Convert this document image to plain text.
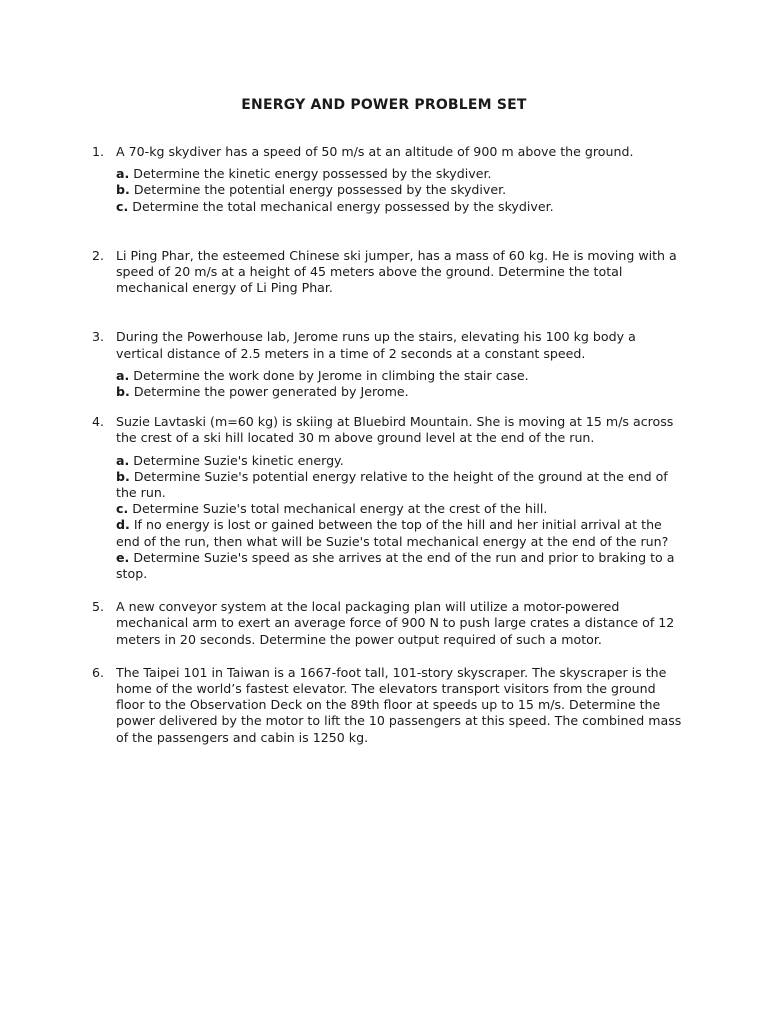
ENERGY AND POWER PROBLEM SET
1. A 70-kg skydiver has a speed of 50 m/s at an altitude of 900 m above the ground.

a. Determine the kinetic energy possessed by the skydiver.

b. Determine the potential energy possessed by the skydiver.

c. Determine the total mechanical energy possessed by the skydiver.

2. Li Ping Phar, the esteemed Chinese ski jumper, has a mass of 60 kg. He is moving with a speed of 20 m/s at a height of 45 meters above the ground. Determine the total mechanical energy of Li Ping Phar.

3. During the Powerhouse lab, Jerome runs up the stairs, elevating his 100 kg body a vertical distance of 2.5 meters in a time of 2 seconds at a constant speed.

a. Determine the work done by Jerome in climbing the stair case.

b. Determine the power generated by Jerome.

4. Suzie Lavtaski (m=60 kg) is skiing at Bluebird Mountain. She is moving at 15 m/s across the crest of a ski hill located 30 m above ground level at the end of the run.

a. Determine Suzie's kinetic energy.

b. Determine Suzie's potential energy relative to the height of the ground at the end of the run.

c. Determine Suzie's total mechanical energy at the crest of the hill.

d. If no energy is lost or gained between the top of the hill and her initial arrival at the end of the run, then what will be Suzie's total mechanical energy at the end of the run?

e. Determine Suzie's speed as she arrives at the end of the run and prior to braking to a stop.

5. A new conveyor system at the local packaging plan will utilize a motor-powered mechanical arm to exert an average force of 900 N to push large crates a distance of 12 meters in 20 seconds. Determine the power output required of such a motor.

6. The Taipei 101 in Taiwan is a 1667-foot tall, 101-story skyscraper. The skyscraper is the home of the world’s fastest elevator. The elevators transport visitors from the ground floor to the Observation Deck on the 89th floor at speeds up to 15 m/s. Determine the power delivered by the motor to lift the 10 passengers at this speed. The combined mass of the passengers and cabin is 1250 kg.
